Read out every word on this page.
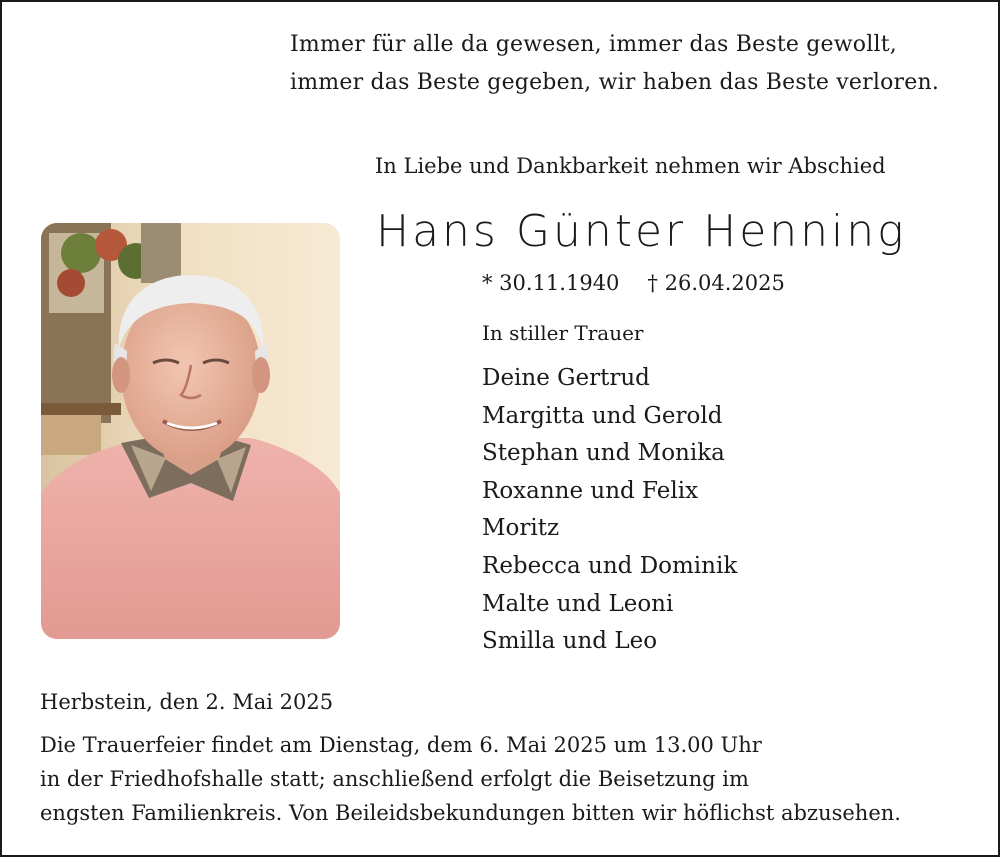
Immer für alle da gewesen, immer das Beste gewollt,
immer das Beste gegeben, wir haben das Beste verloren.
In Liebe und Dankbarkeit nehmen wir Abschied
Hans Günter Henning
* 30.11.1940 † 26.04.2025
In stiller Trauer
Deine Gertrud
Margitta und Gerold
Stephan und Monika
Roxanne und Felix
Moritz
Rebecca und Dominik
Malte und Leoni
Smilla und Leo
Herbstein, den 2. Mai 2025
Die Trauerfeier findet am Dienstag, dem 6. Mai 2025 um 13.00 Uhr
in der Friedhofshalle statt; anschließend erfolgt die Beisetzung im
engsten Familienkreis. Von Beileidsbekundungen bitten wir höflichst abzusehen.
